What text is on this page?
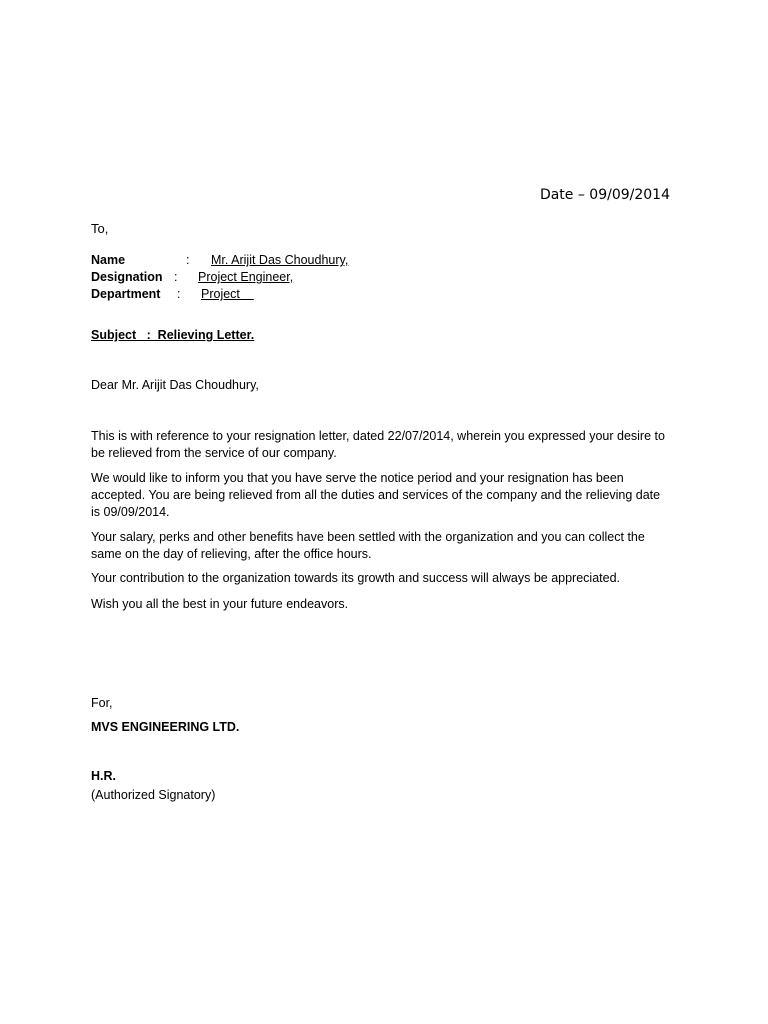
Date – 09/09/2014
To,
Name	: Mr. Arijit Das Choudhury,
Designation : Project Engineer,
Department : Project
Subject   :  Relieving Letter.
Dear Mr. Arijit Das Choudhury,

This is with reference to your resignation letter, dated 22/07/2014, wherein you expressed your desire to be relieved from the service of our company.

We would like to inform you that you have serve the notice period and your resignation has been accepted. You are being relieved from all the duties and services of the company and the relieving date is 09/09/2014.

Your salary, perks and other benefits have been settled with the organization and you can collect the same on the day of relieving, after the office hours.

Your contribution to the organization towards its growth and success will always be appreciated.

Wish you all the best in your future endeavors.

For,
MVS ENGINEERING LTD.
H.R.
(Authorized Signatory)
